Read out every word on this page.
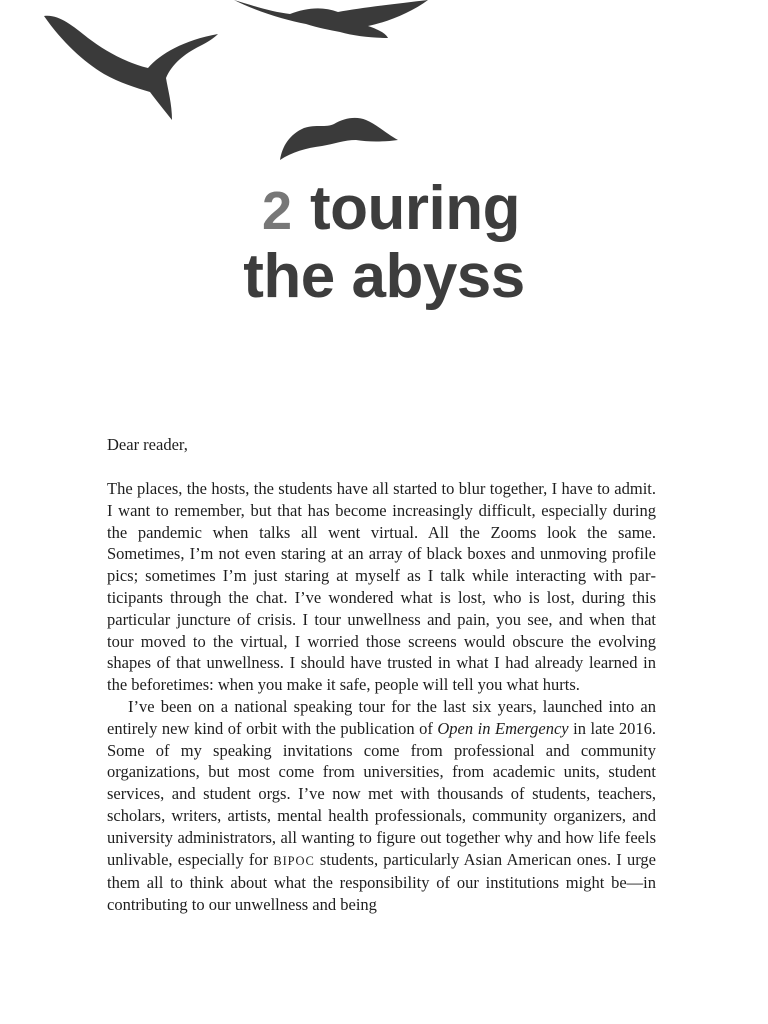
2 touring
the abyss

Dear reader,

The places, the hosts, the students have all started to blur together, I have to admit. I want to remember, but that has become increasingly difficult, especially during the pandemic when talks all went virtual. All the Zooms look the same. Sometimes, I’m not even staring at an array of black boxes and unmoving profile pics; sometimes I’m just staring at myself as I talk while interacting with participants through the chat. I’ve wondered what is lost, who is lost, during this particular juncture of crisis. I tour unwellness and pain, you see, and when that tour moved to the virtual, I worried those screens would obscure the evolving shapes of that unwellness. I should have trusted in what I had already learned in the beforetimes: when you make it safe, people will tell you what hurts.

I’ve been on a national speaking tour for the last six years, launched into an entirely new kind of orbit with the publication of Open in Emergency in late 2016. Some of my speaking invitations come from professional and community organizations, but most come from universities, from academic units, student services, and student orgs. I’ve now met with thousands of students, teachers, scholars, writers, artists, mental health professionals, community organizers, and university administrators, all wanting to figure out together why and how life feels unlivable, especially for BIPOC students, particularly Asian American ones. I urge them all to think about what the responsibility of our institutions might be—in contributing to our unwellness and being
